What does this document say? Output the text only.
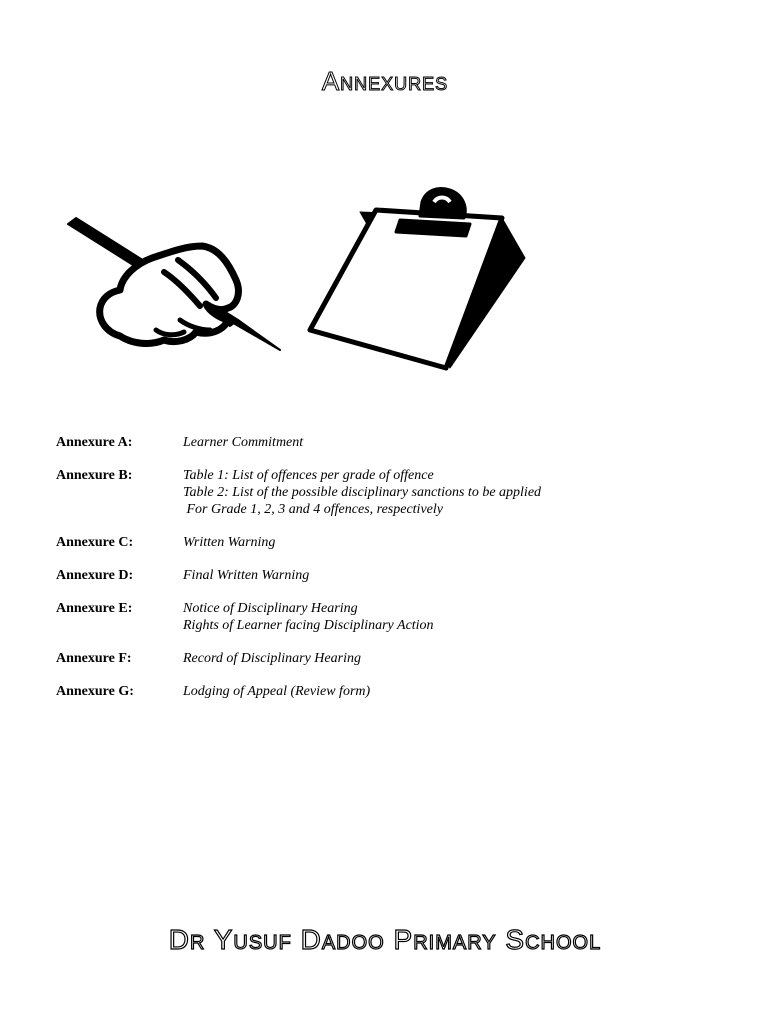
Annexures
Annexure A:	Learner Commitment
Annexure B:	Table 1: List of offences per grade of offence
Table 2: List of the possible disciplinary sanctions to be applied
For Grade 1, 2, 3 and 4 offences, respectively
Annexure C:	Written Warning
Annexure D:	Final Written Warning
Annexure E:	Notice of Disciplinary Hearing
Rights of Learner facing Disciplinary Action
Annexure F:	Record of Disciplinary Hearing
Annexure G:	Lodging of Appeal (Review form)
Dr Yusuf Dadoo Primary School
